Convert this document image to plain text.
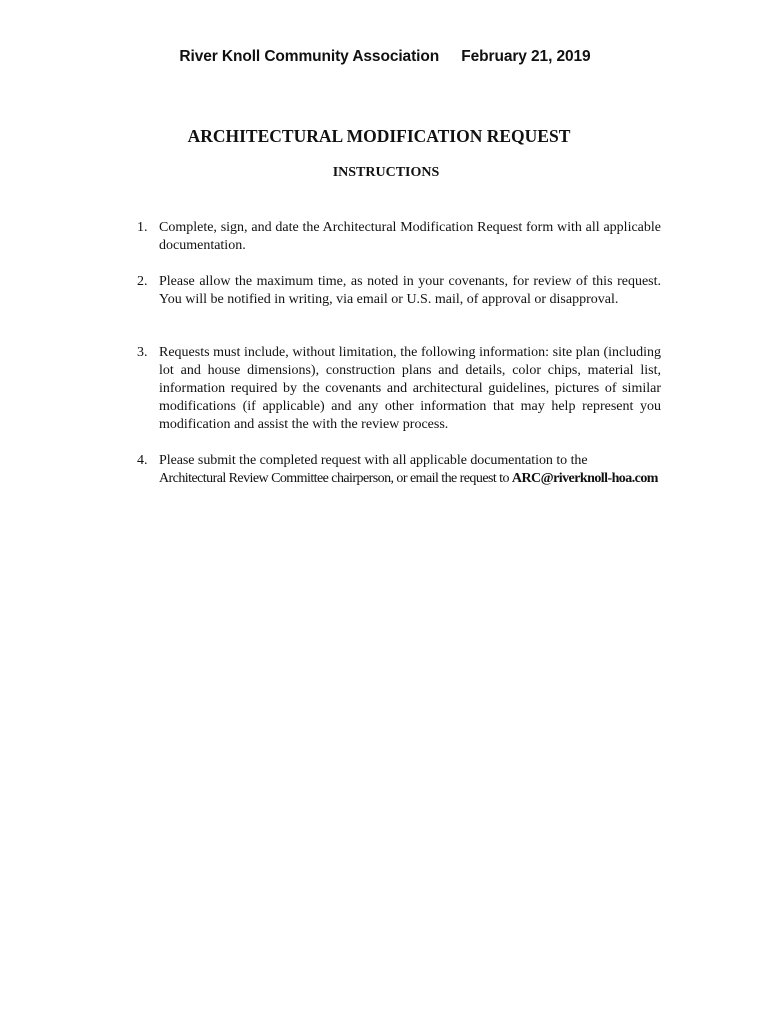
River Knoll Community Association February 21, 2019
ARCHITECTURAL MODIFICATION REQUEST
INSTRUCTIONS
1. Complete, sign, and date the Architectural Modification Request form with all applicable documentation.
2. Please allow the maximum time, as noted in your covenants, for review of this request. You will be notified in writing, via email or U.S. mail, of approval or disapproval.
3. Requests must include, without limitation, the following information: site plan (including lot and house dimensions), construction plans and details, color chips, material list, information required by the covenants and architectural guidelines, pictures of similar modifications (if applicable) and any other information that may help represent you modification and assist the with the review process.
4. Please submit the completed request with all applicable documentation to the
Architectural Review Committee chairperson, or email the request to ARC@riverknoll-hoa.com
